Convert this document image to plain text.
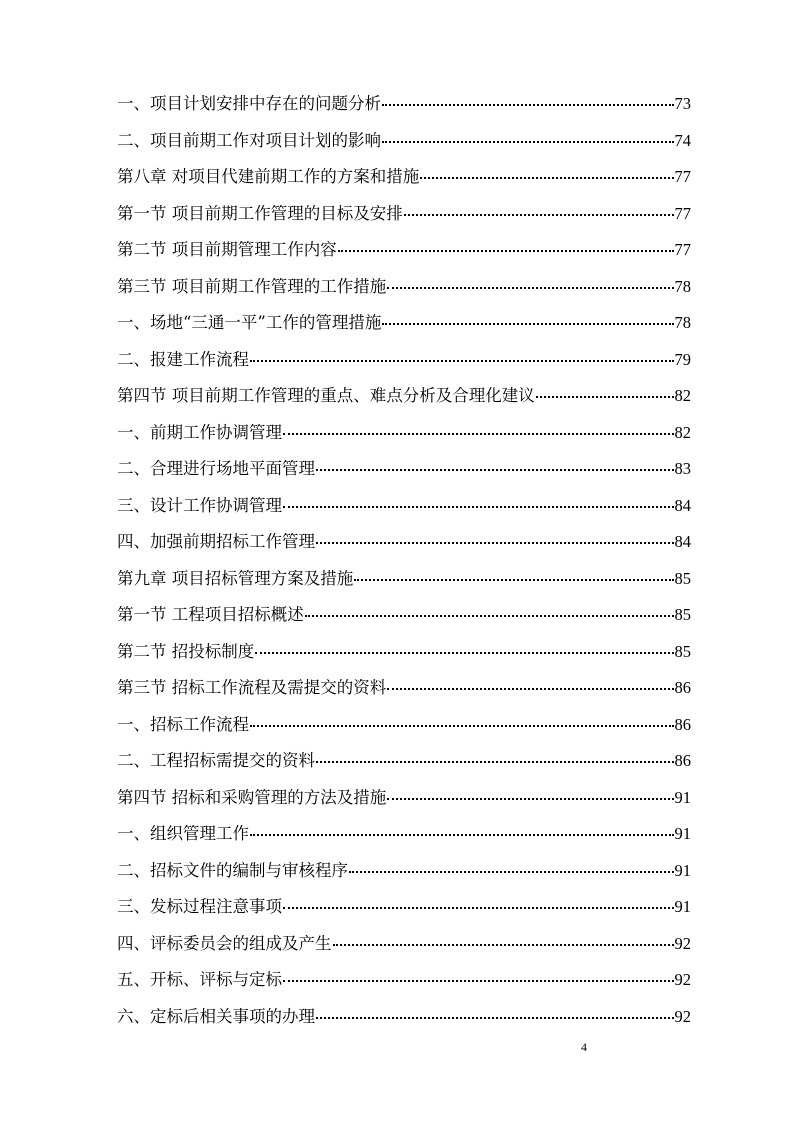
一、项目计划安排中存在的问题分析	73
二、项目前期工作对项目计划的影响	74
第八章 对项目代建前期工作的方案和措施	77
第一节 项目前期工作管理的目标及安排	77
第二节 项目前期管理工作内容	77
第三节 项目前期工作管理的工作措施	78
一、场地“三通一平”工作的管理措施	78
二、报建工作流程	79
第四节 项目前期工作管理的重点、难点分析及合理化建议	82
一、前期工作协调管理	82
二、合理进行场地平面管理	83
三、设计工作协调管理	84
四、加强前期招标工作管理	84
第九章 项目招标管理方案及措施	85
第一节 工程项目招标概述	85
第二节 招投标制度	85
第三节 招标工作流程及需提交的资料	86
一、招标工作流程	86
二、工程招标需提交的资料	86
第四节 招标和采购管理的方法及措施	91
一、组织管理工作	91
二、招标文件的编制与审核程序	91
三、发标过程注意事项	91
四、评标委员会的组成及产生	92
五、开标、评标与定标	92
六、定标后相关事项的办理	92
4
